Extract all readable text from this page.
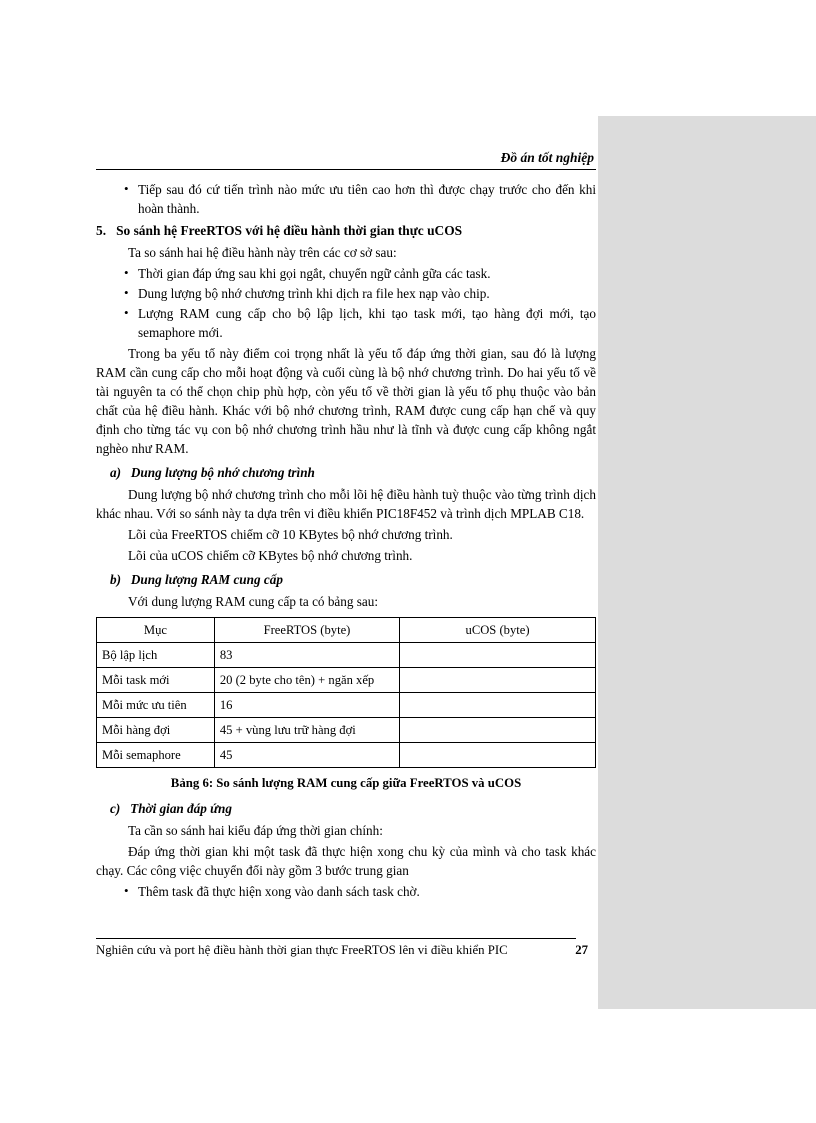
Đồ án tốt nghiệp
• Tiếp sau đó cứ tiến trình nào mức ưu tiên cao hơn thì được chạy trước cho đến khi hoàn thành.
5. So sánh hệ FreeRTOS với hệ điều hành thời gian thực uCOS

Ta so sánh hai hệ điều hành này trên các cơ sở sau:

• Thời gian đáp ứng sau khi gọi ngắt, chuyển ngữ cảnh gữa các task.
• Dung lượng bộ nhớ chương trình khi dịch ra file hex nạp vào chip.
• Lượng RAM cung cấp cho bộ lập lịch, khi tạo task mới, tạo hàng đợi mới, tạo semaphore mới.

Trong ba yếu tố này điểm coi trọng nhất là yếu tố đáp ứng thời gian, sau đó là lượng RAM cần cung cấp cho mỗi hoạt động và cuối cùng là bộ nhớ chương trình. Do hai yếu tố về tài nguyên ta có thể chọn chip phù hợp, còn yếu tố về thời gian là yếu tố phụ thuộc vào bản chất của hệ điều hành. Khác với bộ nhớ chương trình, RAM được cung cấp hạn chế và quy định cho từng tác vụ con bộ nhớ chương trình hầu như là tĩnh và được cung cấp không ngắt nghèo như RAM.

a) Dung lượng bộ nhớ chương trình

Dung lượng bộ nhớ chương trình cho mỗi lõi hệ điều hành tuỳ thuộc vào từng trình dịch khác nhau. Với so sánh này ta dựa trên vi điều khiển PIC18F452 và trình dịch MPLAB C18.

Lõi của FreeRTOS chiếm cỡ 10 KBytes bộ nhớ chương trình.

Lõi của uCOS chiếm cỡ KBytes bộ nhớ chương trình.

b) Dung lượng RAM cung cấp

Với dung lượng RAM cung cấp ta có bảng sau:

Mục	FreeRTOS (byte)	uCOS (byte)
Bộ lập lịch	83	
Mỗi task mới	20 (2 byte cho tên) + ngăn xếp	
Mỗi mức ưu tiên	16	
Mỗi hàng đợi	45 + vùng lưu trữ hàng đợi	
Mỗi semaphore	45	
Bảng 6: So sánh lượng RAM cung cấp giữa FreeRTOS và uCOS
c) Thời gian đáp ứng

Ta cần so sánh hai kiểu đáp ứng thời gian chính:

Đáp ứng thời gian khi một task đã thực hiện xong chu kỳ của mình và cho task khác chạy. Các công việc chuyển đổi này gồm 3 bước trung gian

• Thêm task đã thực hiện xong vào danh sách task chờ.
Nghiên cứu và port hệ điều hành thời gian thực FreeRTOS lên vi điều khiển PIC	27
